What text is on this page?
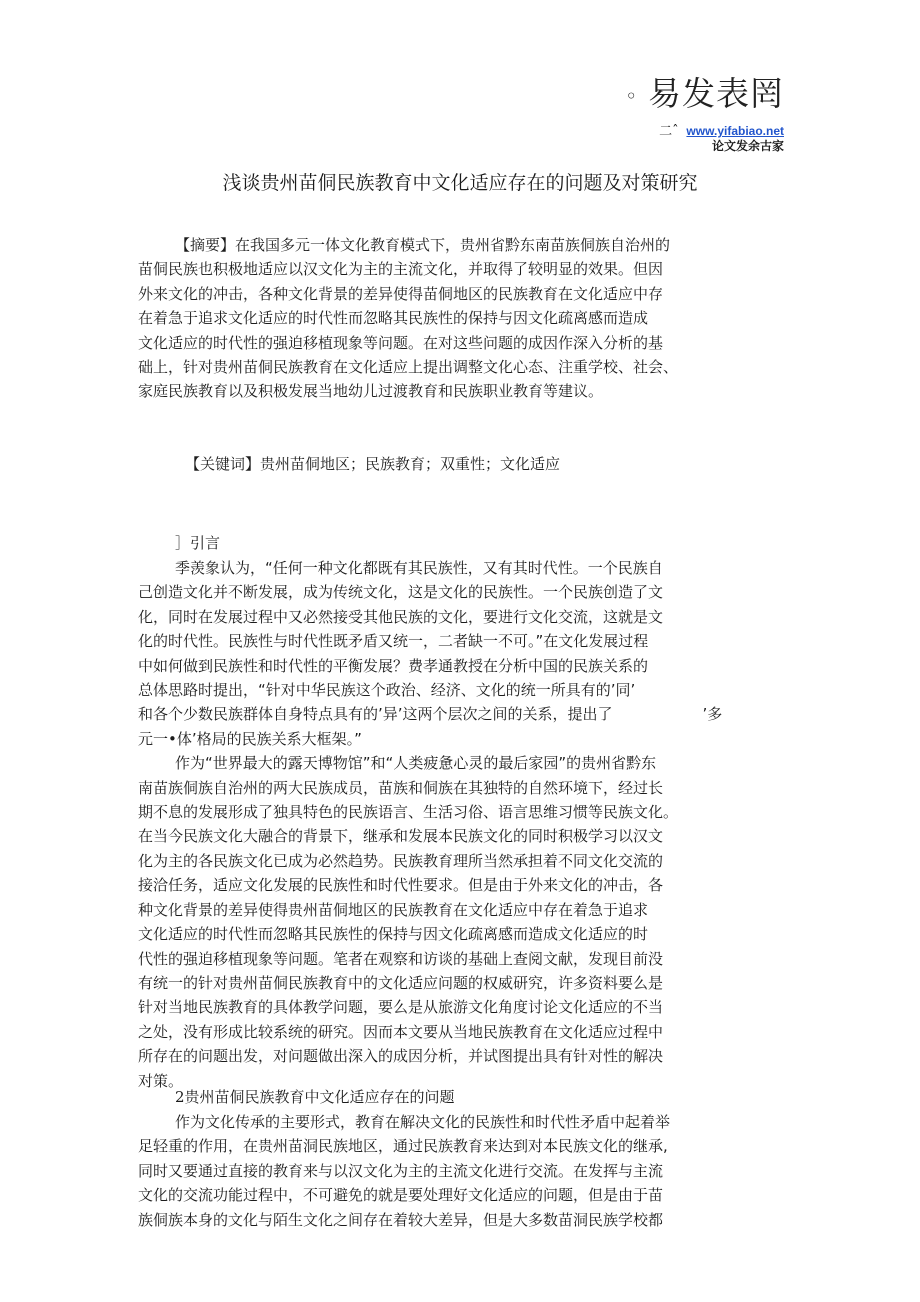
◦ 易发表罔
二ˆ www.yifabiao.net
论文发余古家
浅谈贵州苗侗民族教育中文化适应存在的问题及对策研究
【摘要】在我国多元一体文化教育模式下，贵州省黔东南苗族侗族自治州的
苗侗民族也积极地适应以汉文化为主的主流文化，并取得了较明显的效果。但因
外来文化的冲击，各种文化背景的差异使得苗侗地区的民族教育在文化适应中存
在着急于追求文化适应的时代性而忽略其民族性的保持与因文化疏离感而造成
文化适应的时代性的强迫移植现象等问题。在对这些问题的成因作深入分析的基
础上，针对贵州苗侗民族教育在文化适应上提出调整文化心态、注重学校、社会、
家庭民族教育以及积极发展当地幼儿过渡教育和民族职业教育等建议。
【关键词】贵州苗侗地区；民族教育；双重性；文化适应
］引言
季羡象认为，“任何一种文化都既有其民族性，又有其时代性。一个民族自
己创造文化并不断发展，成为传统文化，这是文化的民族性。一个民族创造了文
化，同时在发展过程中又必然接受其他民族的文化，要进行文化交流，这就是文
化的时代性。民族性与时代性既矛盾又统一，二者缺一不可。”在文化发展过程
中如何做到民族性和时代性的平衡发展？费孝通教授在分析中国的民族关系的
总体思路时提出，“针对中华民族这个政治、经济、文化的统一所具有的’同’
和各个少数民族群体自身特点具有的’异’这两个层次之间的关系，提出了　　　　　　’多
元一•体’格局的民族关系大框架。”
作为“世界最大的露天博物馆”和“人类疲惫心灵的最后家园”的贵州省黔东
南苗族侗族自治州的两大民族成员，苗族和侗族在其独特的自然环境下，经过长
期不息的发展形成了独具特色的民族语言、生活习俗、语言思维习惯等民族文化。
在当今民族文化大融合的背景下，继承和发展本民族文化的同时积极学习以汉文
化为主的各民族文化已成为必然趋势。民族教育理所当然承担着不同文化交流的
接洽任务，适应文化发展的民族性和时代性要求。但是由于外来文化的冲击，各
种文化背景的差异使得贵州苗侗地区的民族教育在文化适应中存在着急于追求
文化适应的时代性而忽略其民族性的保持与因文化疏离感而造成文化适应的时
代性的强迫移植现象等问题。笔者在观察和访谈的基础上查阅文献，发现目前没
有统一的针对贵州苗侗民族教育中的文化适应问题的权威研究，许多资料要么是
针对当地民族教育的具体教学问题，要么是从旅游文化角度讨论文化适应的不当
之处，没有形成比较系统的研究。因而本文要从当地民族教育在文化适应过程中
所存在的问题出发，对问题做出深入的成因分析，并试图提出具有针对性的解决
对策。
2贵州苗侗民族教育中文化适应存在的问题
作为文化传承的主要形式，教育在解决文化的民族性和时代性矛盾中起着举
足轻重的作用，在贵州苗洞民族地区，通过民族教育来达到对本民族文化的继承,
同时又要通过直接的教育来与以汉文化为主的主流文化进行交流。在发挥与主流
文化的交流功能过程中，不可避免的就是要处理好文化适应的问题，但是由于苗
族侗族本身的文化与陌生文化之间存在着较大差异，但是大多数苗洞民族学校都
